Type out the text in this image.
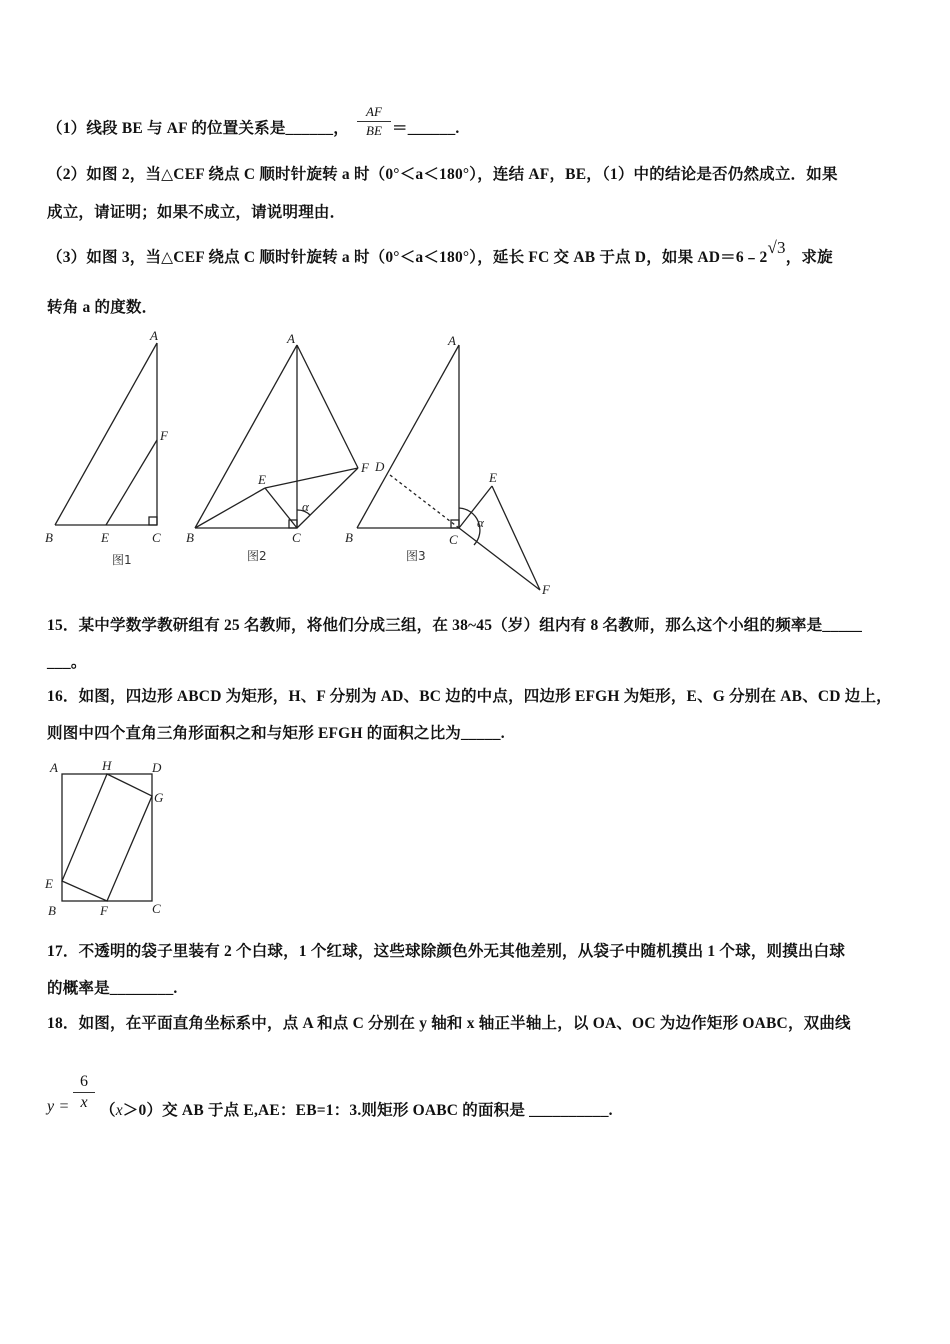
（1）线段 BE 与 AF 的位置关系是______， $\frac{AF}{BE}$ ＝______.
（2）如图 2，当△CEF 绕点 C 顺时针旋转 a 时（0°＜a＜180°），连结 AF，BE，（1）中的结论是否仍然成立．如果
成立，请证明；如果不成立，请说明理由．
（3）如图 3，当△CEF 绕点 C 顺时针旋转 a 时（0°＜a＜180°），延长 FC 交 AB 于点 D，如果 AD＝6﹣2√3，求旋
转角 a 的度数．
A
F
B	E	C
图1
A
E
F
α
B	C
图2
A
D
E
α
B	C
F
图3
15．某中学数学教研组有 25 名教师，将他们分成三组，在 38~45（岁）组内有 8 名教师，那么这个小组的频率是_____
___。
16．如图，四边形 ABCD 为矩形，H、F 分别为 AD、BC 边的中点，四边形 EFGH 为矩形，E、G 分别在 AB、CD 边上，
则图中四个直角三角形面积之和与矩形 EFGH 的面积之比为_____.
A	H	D
G
E
B	F	C
17．不透明的袋子里装有 2 个白球，1 个红球，这些球除颜色外无其他差别，从袋子中随机摸出 1 个球，则摸出白球
的概率是________.
18．如图，在平面直角坐标系中，点 A 和点 C 分别在 y 轴和 x 轴正半轴上，以 OA、OC 为边作矩形 OABC，双曲线
$y = \frac{6}{x} (x>0)$交 AB 于点 E,AE：EB=1：3.则矩形 OABC 的面积是 __________.
